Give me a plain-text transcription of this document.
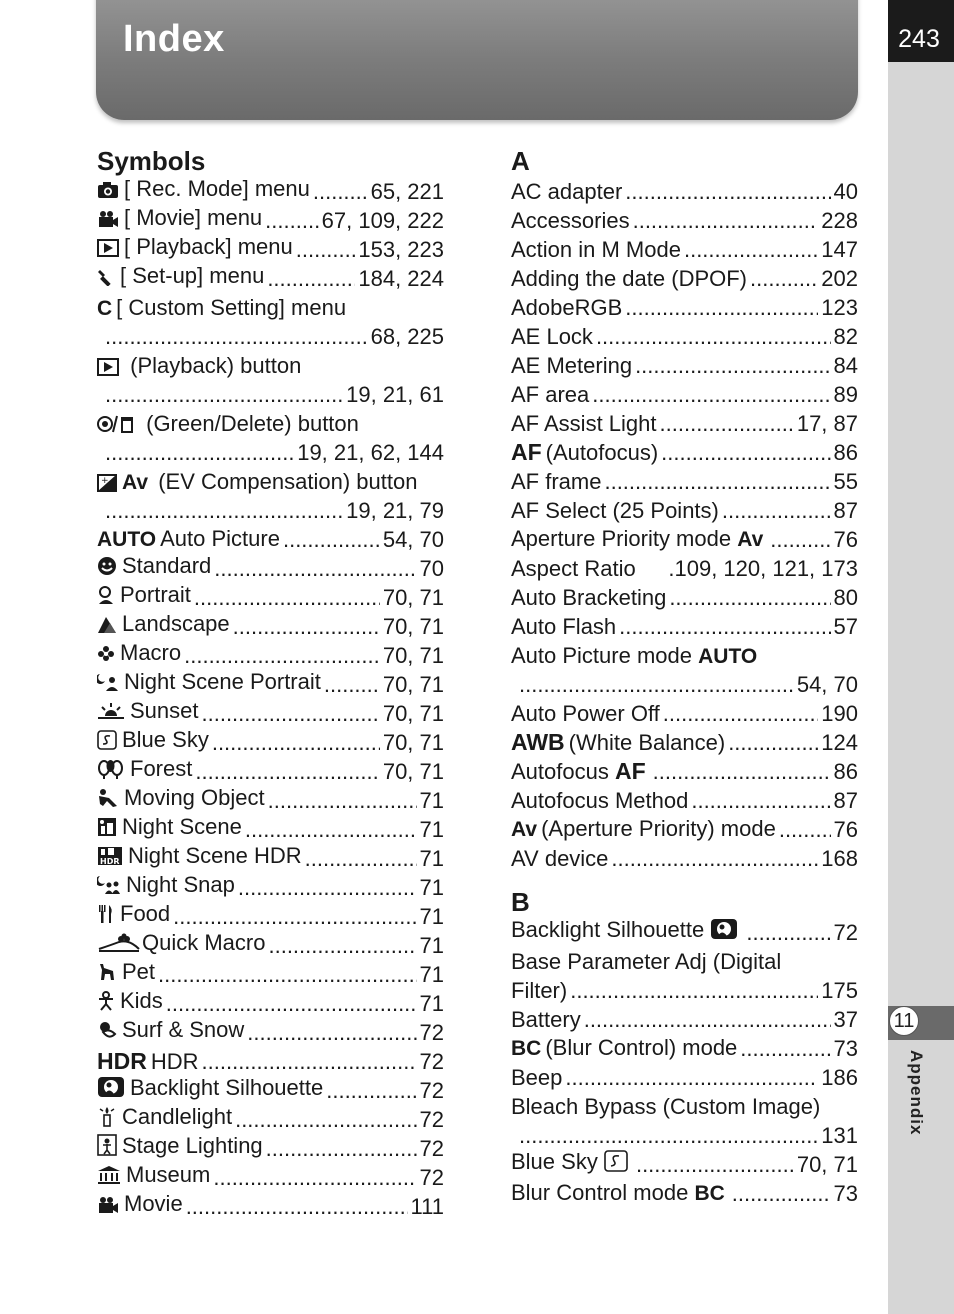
Index	243
11
Appendix
Symbols
[ Rec. Mode] menu .....	65, 221
[ Movie] menu .....	67, 109, 222
[ Playback] menu .....	153, 223
[ Set-up] menu .....	184, 224
C [ Custom Setting] menu
.....
68, 225
(Playback) button
.....
19, 21, 61
(Green/Delete) button
.....
19, 21, 62, 144
+ Av (EV Compensation) button
.....
19, 21, 79
AUTO Auto Picture .....	54, 70
Standard .....	70
Portrait .....	70, 71
Landscape .....	70, 71
Macro .....	70, 71
Night Scene Portrait .....	70, 71
Sunset .....	70, 71
Blue Sky .....	70, 71
Forest .....	70, 71
Moving Object .....	71
Night Scene .....	71
HDR Night Scene HDR .....	71
Night Snap .....	71
Food .....	71
Quick Macro .....	71
Pet .....	71
Kids .....	71
Surf & Snow .....	72
HDR HDR .....	72
Backlight Silhouette .....	72
Candlelight .....	72
Stage Lighting .....	72
Museum .....	72
Movie .....	111
A
AC adapter .....	40
Accessories .....	228
Action in M Mode .....	147
Adding the date (DPOF) .....	202
AdobeRGB .....	123
AE Lock .....	82
AE Metering .....	84
AF area .....	89
AF Assist Light .....	17, 87
AF (Autofocus) .....	86
AF frame .....	55
AF Select (25 Points) .....	87
Aperture Priority mode Av .....	76
Aspect Ratio .109, 120, 121, 173
Auto Bracketing .....	80
Auto Flash .....	57
Auto Picture mode AUTO
.....
54, 70
Auto Power Off .....	190
AWB (White Balance) .....	124
Autofocus AF .....	86
Autofocus Method .....	87
Av (Aperture Priority) mode .....	76
AV device .....	168
B
Backlight Silhouette .....	72
Base Parameter Adj (Digital
Filter) .....	175
Battery .....	37
BC (Blur Control) mode .....	73
Beep .....	186
Bleach Bypass (Custom Image)
.....
131
Blue Sky .....	70, 71
Blur Control mode BC .....	73
